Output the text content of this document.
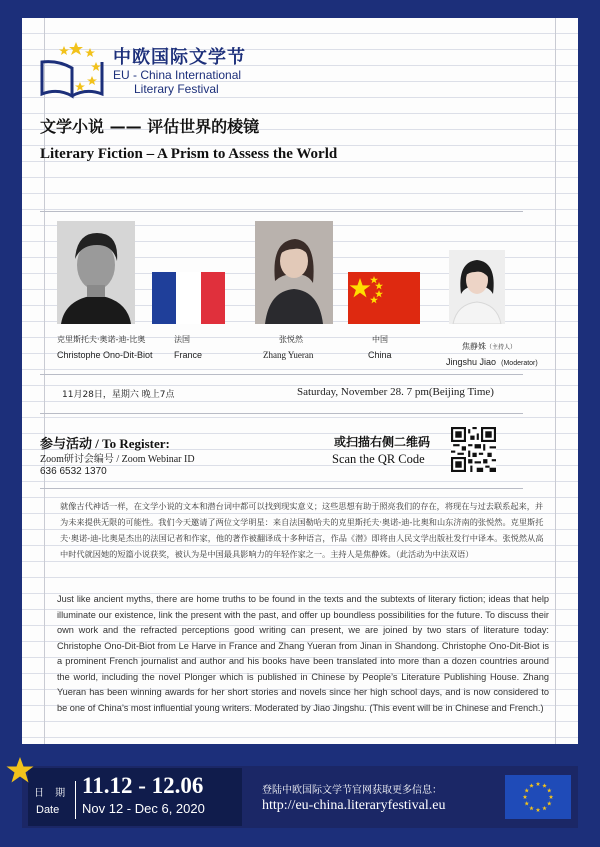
中欧国际文学节
EU - China International
Literary Festival
文学小说 —— 评估世界的棱镜
Literary Fiction – A Prism to Assess the World
克里斯托夫·奥诺-迪-比奥
Christophe Ono-Dit-Biot
法国
France
张悦然
Zhang Yueran
中国
China
焦静姝（主持人）
Jingshu Jiao (Moderator)
11月28日，星期六 晚上7点	Saturday, November 28. 7 pm(Beijing Time)
参与活动 / To Register:
Zoom研讨会编号 / Zoom Webinar ID
636 6532 1370
或扫描右侧二维码
Scan the QR Code
就像古代神话一样，在文学小说的文本和潜台词中都可以找到现实意义；这些思想有助于照亮我们的存在，将现在与过去联系起来，并为未来提供无限的可能性。我们今天邀请了两位文学明星：来自法国勒哈夫的克里斯托夫·奥诺-迪-比奥和山东济南的张悦然。克里斯托夫·奥诺-迪-比奥是杰出的法国记者和作家，他的著作被翻译成十多种语言，作品《潜》即将由人民文学出版社发行中译本。张悦然从高中时代就因她的短篇小说获奖，被认为是中国最具影响力的年轻作家之一。主持人是焦静姝。（此活动为中法双语）
Just like ancient myths, there are home truths to be found in the texts and the subtexts of literary fiction; ideas that help illuminate our existence, link the present with the past, and offer up boundless possibilities for the future. To discuss their own work and the refracted perceptions good writing can present, we are joined by two stars of literature today: Christophe Ono-Dit-Biot from Le Harve in France and Zhang Yueran from Jinan in Shandong. Christophe Ono-Dit-Biot is a prominent French journalist and author and his books have been translated into more than a dozen countries around the world, including the novel Plonger which is published in Chinese by People’s Literature Publishing House. Zhang Yueran has been winning awards for her short stories and novels since her high school days, and is now considered to be one of China’s most influential young writers. Moderated by Jiao Jingshu. (This event will be in Chinese and French.)
日 期
Date
11.12 - 12.06
Nov 12 - Dec 6, 2020
登陆中欧国际文学节官网获取更多信息：
http://eu-china.literaryfestival.eu
